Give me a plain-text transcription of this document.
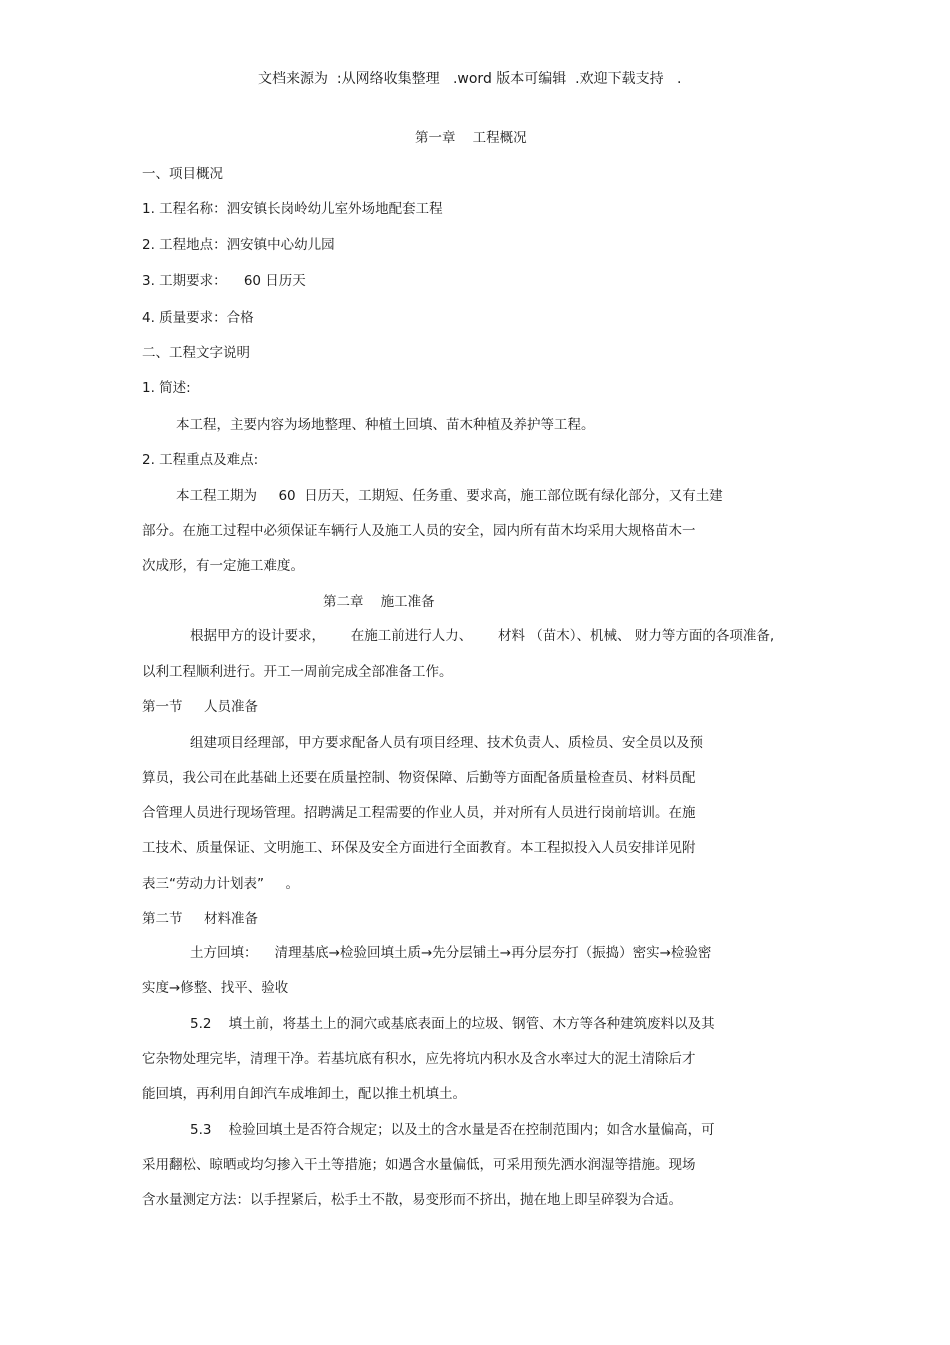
文档来源为  :从网络收集整理   .word 版本可编辑  .欢迎下载支持   .
第一章    工程概况
一、项目概况
1. 工程名称：泗安镇长岗岭幼儿室外场地配套工程
2. 工程地点：泗安镇中心幼儿园
3. 工期要求：    60 日历天
4. 质量要求：合格
二、工程文字说明
1. 简述:
本工程，主要内容为场地整理、种植土回填、苗木种植及养护等工程。
2. 工程重点及难点:
本工程工期为     60  日历天，工期短、任务重、要求高，施工部位既有绿化部分，又有土建
部分。在施工过程中必须保证车辆行人及施工人员的安全，园内所有苗木均采用大规格苗木一
次成形，有一定施工难度。
第二章    施工准备
根据甲方的设计要求，      在施工前进行人力、      材料 （苗木）、机械、 财力等方面的各项准备,
以利工程顺利进行。开工一周前完成全部准备工作。
第一节     人员准备
组建项目经理部，甲方要求配备人员有项目经理、技术负责人、质检员、安全员以及预
算员，我公司在此基础上还要在质量控制、物资保障、后勤等方面配备质量检查员、材料员配
合管理人员进行现场管理。招聘满足工程需要的作业人员，并对所有人员进行岗前培训。在施
工技术、质量保证、文明施工、环保及安全方面进行全面教育。本工程拟投入人员安排详见附
表三“劳动力计划表”     。
第二节     材料准备
土方回填：    清理基底→检验回填土质→先分层铺土→再分层夯打（振捣）密实→检验密
实度→修整、找平、验收
5.2    填土前，将基土上的洞穴或基底表面上的垃圾、钢管、木方等各种建筑废料以及其
它杂物处理完毕，清理干净。若基坑底有积水，应先将坑内积水及含水率过大的泥土清除后才
能回填，再利用自卸汽车成堆卸土，配以推土机填土。
5.3    检验回填土是否符合规定；以及土的含水量是否在控制范围内；如含水量偏高，可
采用翻松、晾晒或均匀掺入干土等措施；如遇含水量偏低，可采用预先洒水润湿等措施。现场
含水量测定方法：以手捏紧后，松手土不散，易变形而不挤出，抛在地上即呈碎裂为合适。
